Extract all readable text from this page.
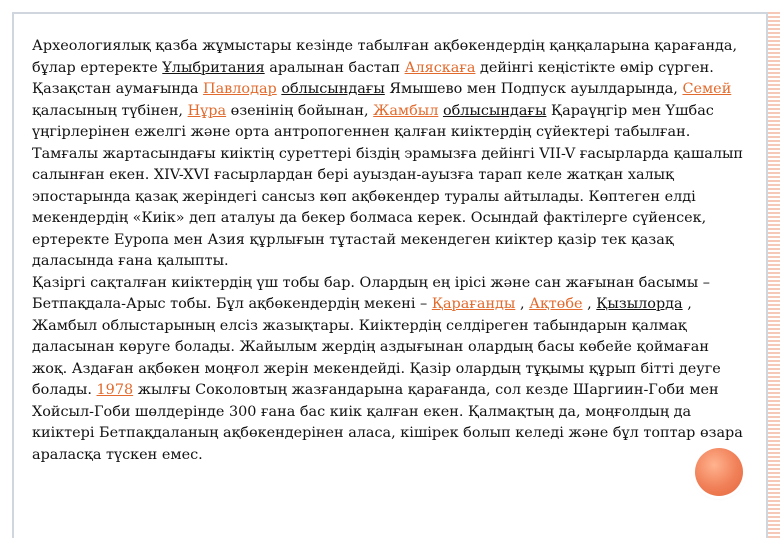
Археологиялық қазба жұмыстары кезінде табылған ақбөкендердің қаңқаларына қарағанда, бұлар ертеректе Ұлыбритания аралынан бастап Аляскаға дейінгі кеңістікте өмір сүрген. Қазақстан аумағында Павлодар облысындағы Ямышево мен Подпуск ауылдарында, Семей қаласының түбінен, Нұра өзенінің бойынан, Жамбыл облысындағы Қараүңгір мен Үшбас үңгірлерінен ежелгі және орта антропогеннен қалған киіктердің сүйектері табылған. Тамғалы жартасындағы киіктің суреттері біздің эрамызға дейінгі VII-V ғасырларда қашалып салынған екен. XIV-XVI ғасырлардан бері ауыздан-ауызға тарап келе жатқан халық эпостарында қазақ жеріндегі сансыз көп ақбөкендер туралы айтылады. Көптеген елді мекендердің «Киік» деп аталуы да бекер болмаса керек. Осындай фактілерге сүйенсек, ертеректе Еуропа мен Азия құрлығын тұтастай мекендеген киіктер қазір тек қазақ даласында ғана қалыпты.

Қазіргі сақталған киіктердің үш тобы бар. Олардың ең ірісі және сан жағынан басымы – Бетпақдала-Арыс тобы. Бұл ақбөкендердің мекені – Қарағанды , Ақтөбе , Қызылорда , Жамбыл облыстарының елсіз жазықтары. Киіктердің селдіреген табындарын қалмақ даласынан көруге болады. Жайылым жердің аздығынан олардың басы көбейе қоймаған жоқ. Аздаған ақбөкен моңғол жерін мекендейді. Қазір олардың тұқымы құрып бітті деуге болады. 1978 жылғы Соколовтың жазғандарына қарағанда, сол кезде Шаргиин-Гоби мен Хойсыл-Гоби шөлдерінде 300 ғана бас киік қалған екен. Қалмақтың да, моңғолдың да киіктері Бетпақдаланың ақбөкендерінен аласа, кішірек болып келеді және бұл топтар өзара араласқа түскен емес.
